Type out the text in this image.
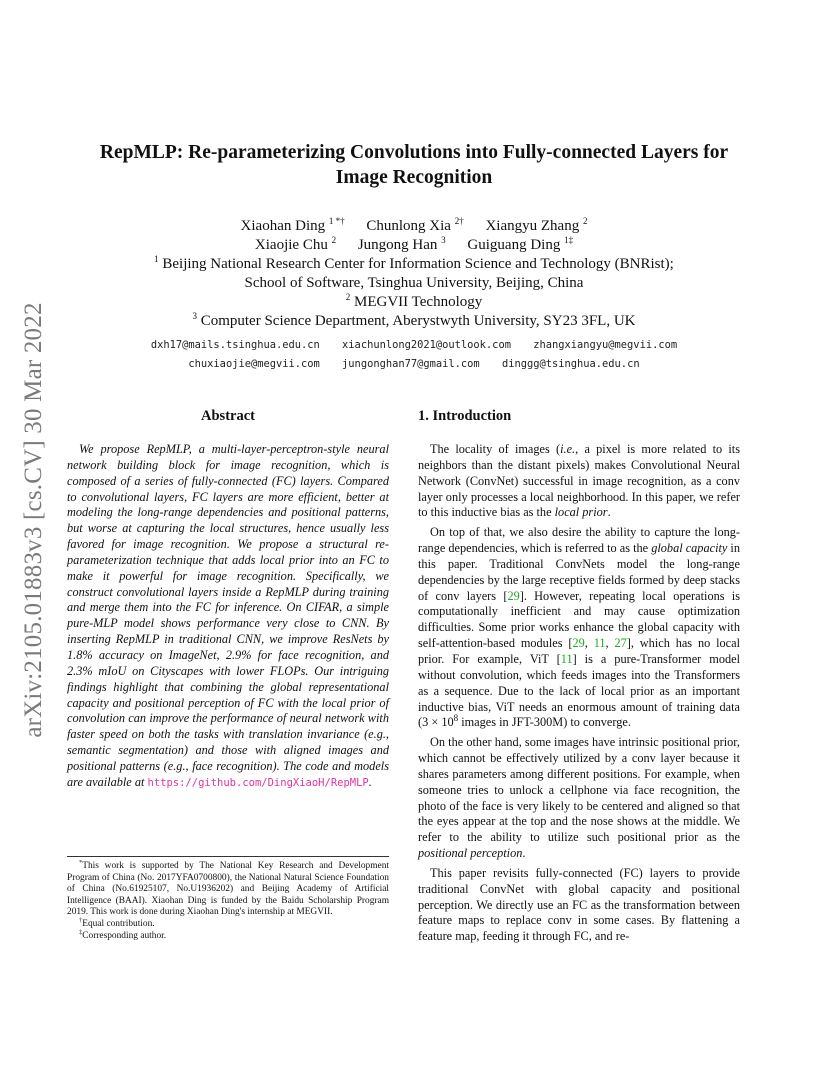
arXiv:2105.01883v3 [cs.CV] 30 Mar 2022
RepMLP: Re-parameterizing Convolutions into Fully-connected Layers for
Image Recognition
Xiaohan Ding $^{1 *\dagger}$ Chunlong Xia $^{2\dagger}$ Xiangyu Zhang $^2$
Xiaojie Chu $^2$ Jungong Han $^3$ Guiguang Ding $^{1\ddagger}$
$^1$ Beijing National Research Center for Information Science and Technology (BNRist);
School of Software, Tsinghua University, Beijing, China
$^2$ MEGVII Technology
$^3$ Computer Science Department, Aberystwyth University, SY23 3FL, UK
dxh17@mails.tsinghua.edu.cn xiachunlong2021@outlook.com zhangxiangyu@megvii.com
chuxiaojie@megvii.com jungonghan77@gmail.com dinggg@tsinghua.edu.cn
Abstract

We propose RepMLP, a multi-layer-perceptron-style neural network building block for image recognition, which is composed of a series of fully-connected (FC) layers. Compared to convolutional layers, FC layers are more efficient, better at modeling the long-range dependencies and positional patterns, but worse at capturing the local structures, hence usually less favored for image recognition. We propose a structural re-parameterization technique that adds local prior into an FC to make it powerful for image recognition. Specifically, we construct convolutional layers inside a RepMLP during training and merge them into the FC for inference. On CIFAR, a simple pure-MLP model shows performance very close to CNN. By inserting RepMLP in traditional CNN, we improve ResNets by 1.8% accuracy on ImageNet, 2.9% for face recognition, and 2.3% mIoU on Cityscapes with lower FLOPs. Our intriguing findings highlight that combining the global representational capacity and positional perception of FC with the local prior of convolution can improve the performance of neural network with faster speed on both the tasks with translation invariance (e.g., semantic segmentation) and those with aligned images and positional patterns (e.g., face recognition). The code and models are available at https://github.com/DingXiaoH/RepMLP.

1. Introduction

The locality of images (i.e., a pixel is more related to its neighbors than the distant pixels) makes Convolutional Neural Network (ConvNet) successful in image recognition, as a conv layer only processes a local neighborhood. In this paper, we refer to this inductive bias as the local prior.

On top of that, we also desire the ability to capture the long-range dependencies, which is referred to as the global capacity in this paper. Traditional ConvNets model the long-range dependencies by the large receptive fields formed by deep stacks of conv layers [29]. However, repeating local operations is computationally inefficient and may cause optimization difficulties. Some prior works enhance the global capacity with self-attention-based modules [29, 11, 27], which has no local prior. For example, ViT [11] is a pure-Transformer model without convolution, which feeds images into the Transformers as a sequence. Due to the lack of local prior as an important inductive bias, ViT needs an enormous amount of training data ($3 \times 10^8$ images in JFT-300M) to converge.

On the other hand, some images have intrinsic positional prior, which cannot be effectively utilized by a conv layer because it shares parameters among different positions. For example, when someone tries to unlock a cellphone via face recognition, the photo of the face is very likely to be centered and aligned so that the eyes appear at the top and the nose shows at the middle. We refer to the ability to utilize such positional prior as the positional perception.

This paper revisits fully-connected (FC) layers to provide traditional ConvNet with global capacity and positional perception. We directly use an FC as the transformation between feature maps to replace conv in some cases. By flattening a feature map, feeding it through FC, and re-

*This work is supported by The National Key Research and Development Program of China (No. 2017YFA0700800), the National Natural Science Foundation of China (No.61925107, No.U1936202) and Beijing Academy of Artificial Intelligence (BAAI). Xiaohan Ding is funded by the Baidu Scholarship Program 2019. This work is done during Xiaohan Ding's internship at MEGVII.

†Equal contribution.

‡Corresponding author.
